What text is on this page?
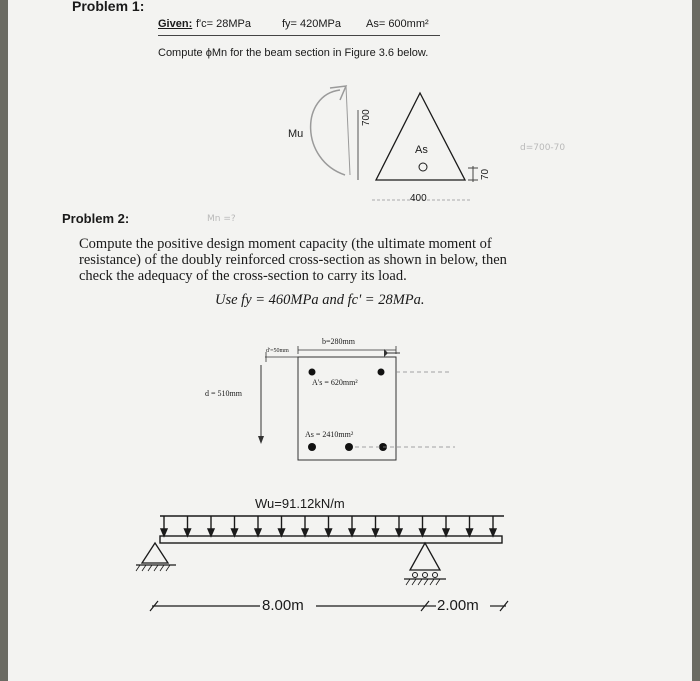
Problem 1:
Given: f'c= 28MPa	fy= 420MPa As= 600mm²
Compute ϕMn for the beam section in Figure 3.6 below.
Mu
700
As
70
400
d=700-70
Mn =?
Problem 2:
Compute the positive design moment capacity (the ultimate moment of
resistance) of the doubly reinforced cross-section as shown in below, then
check the adequacy of the cross-section to carry its load.
Use fy = 460MPa and fc' = 28MPa.
b=280mm
d'=50mm
d = 510mm
A's = 620mm²
As = 2410mm²
Wu=91.12kN/m
8.00m	2.00m
